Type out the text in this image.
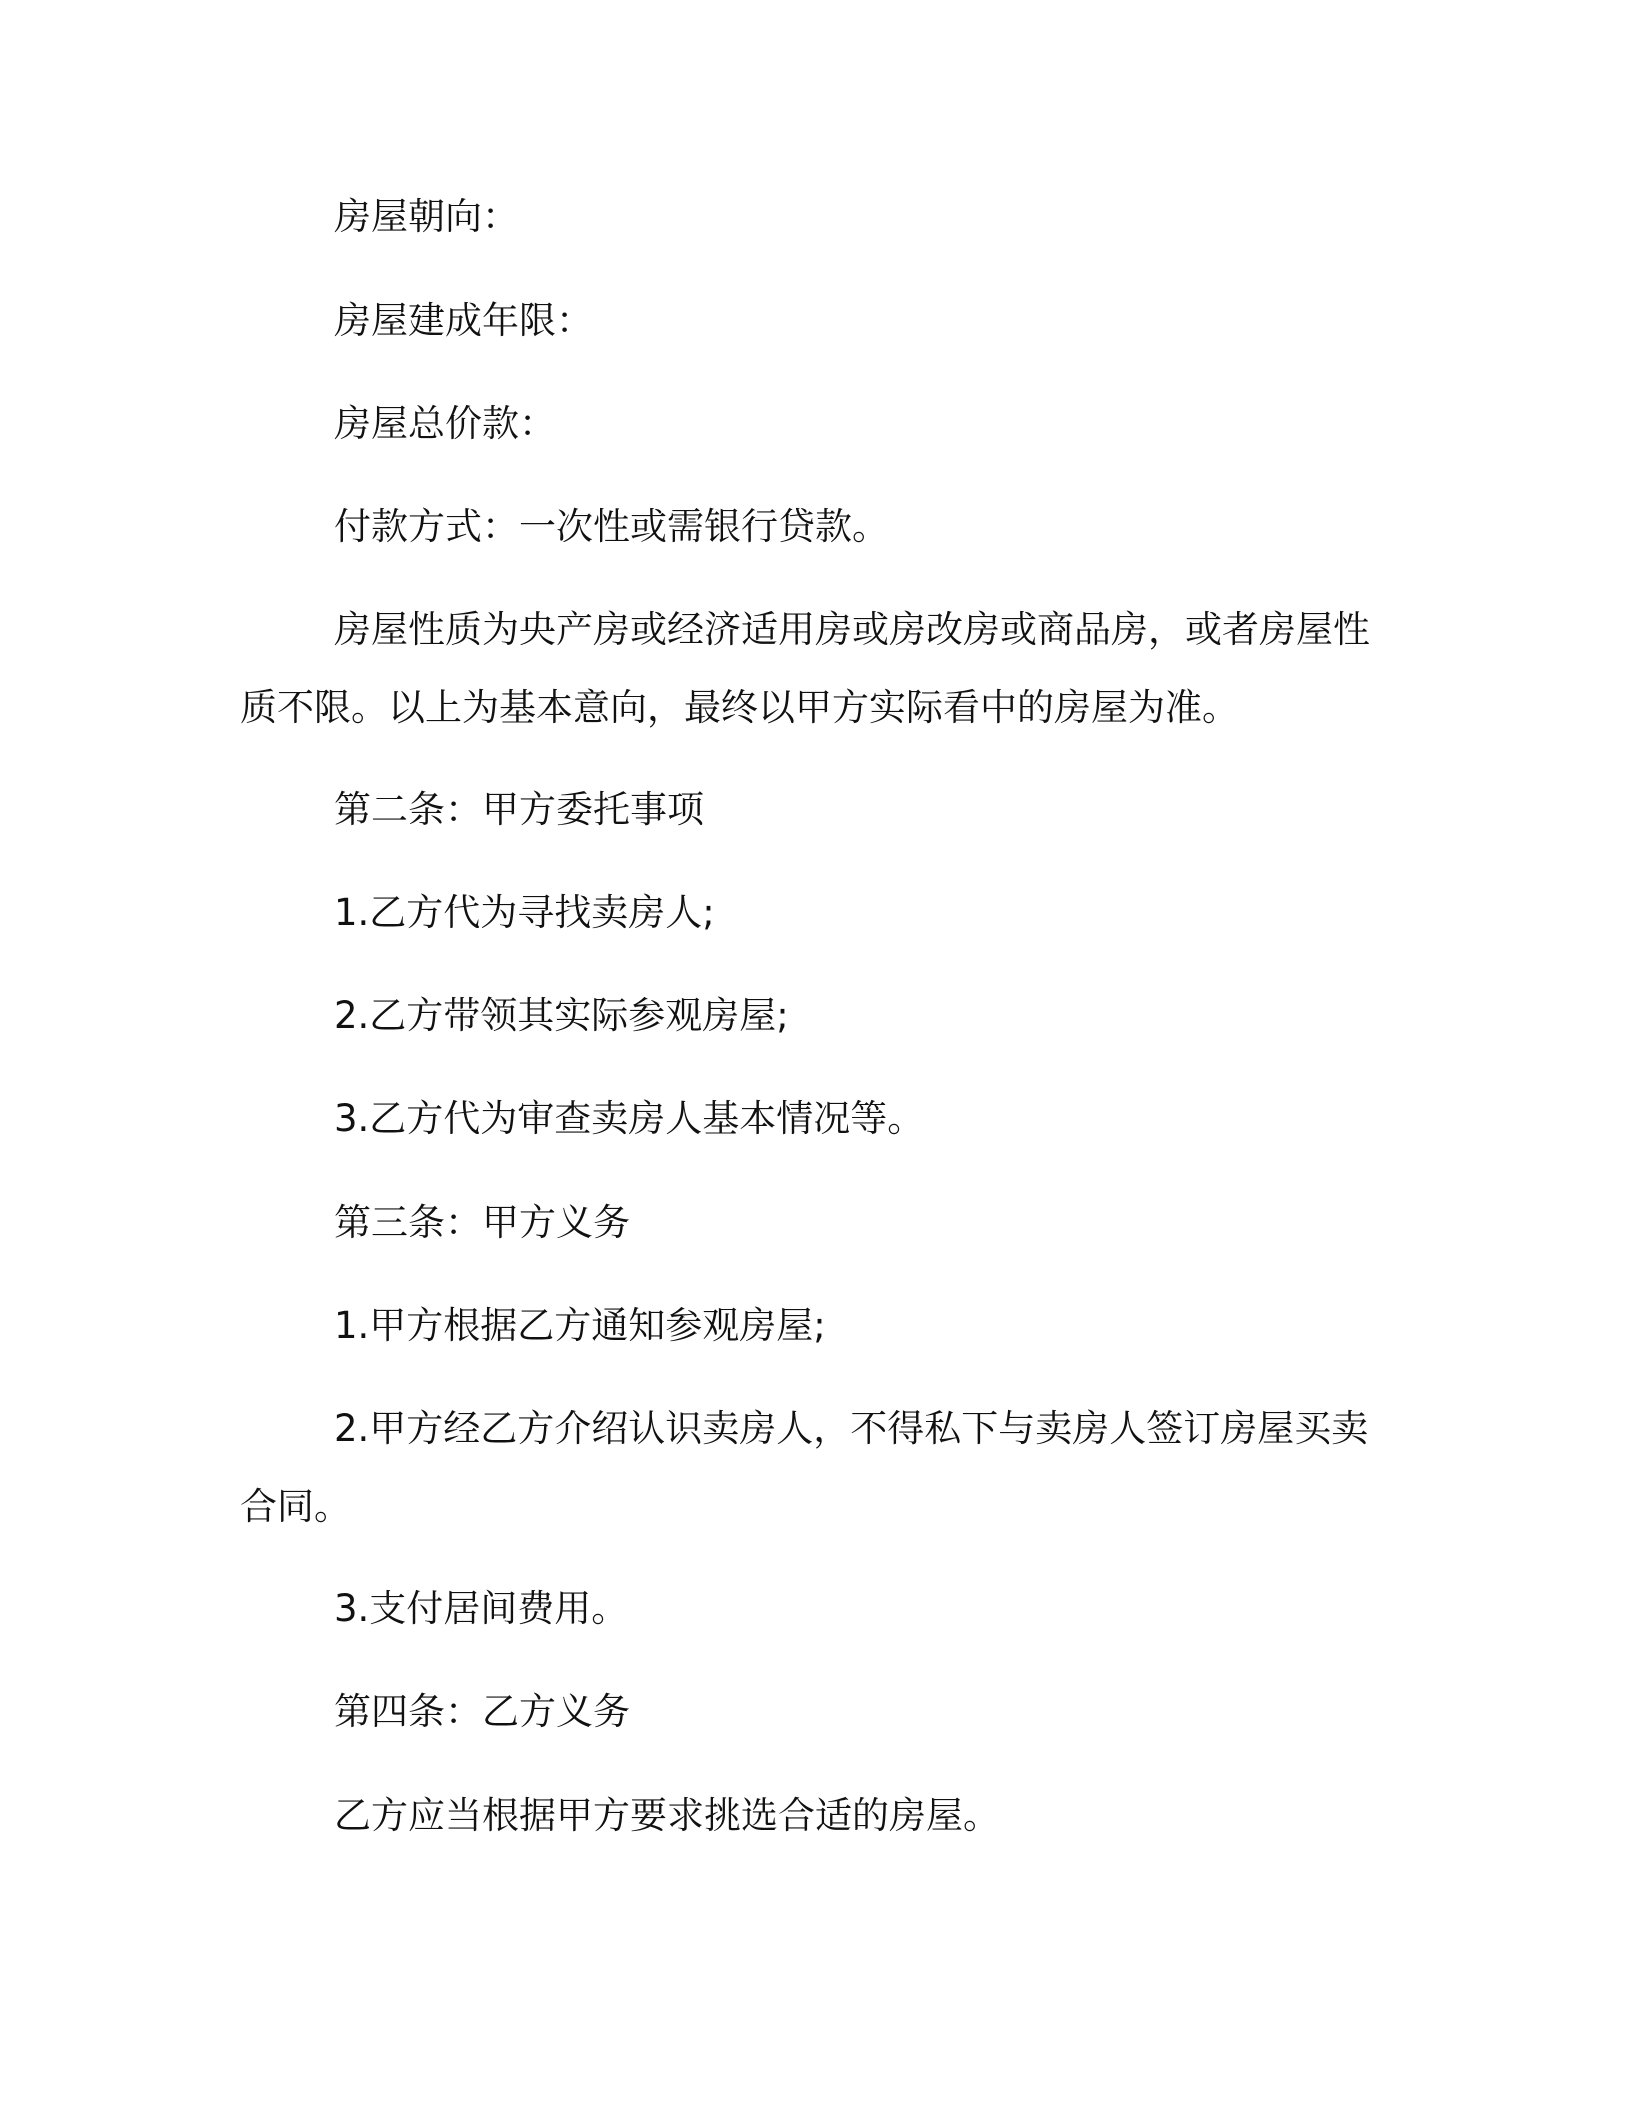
房屋朝向：

房屋建成年限：

房屋总价款：

付款方式：一次性或需银行贷款。

房屋性质为央产房或经济适用房或房改房或商品房，或者房屋性质不限。以上为基本意向，最终以甲方实际看中的房屋为准。

第二条：甲方委托事项

1.乙方代为寻找卖房人;

2.乙方带领其实际参观房屋;

3.乙方代为审查卖房人基本情况等。

第三条：甲方义务

1.甲方根据乙方通知参观房屋;

2.甲方经乙方介绍认识卖房人，不得私下与卖房人签订房屋买卖合同。

3.支付居间费用。

第四条：乙方义务

乙方应当根据甲方要求挑选合适的房屋。
